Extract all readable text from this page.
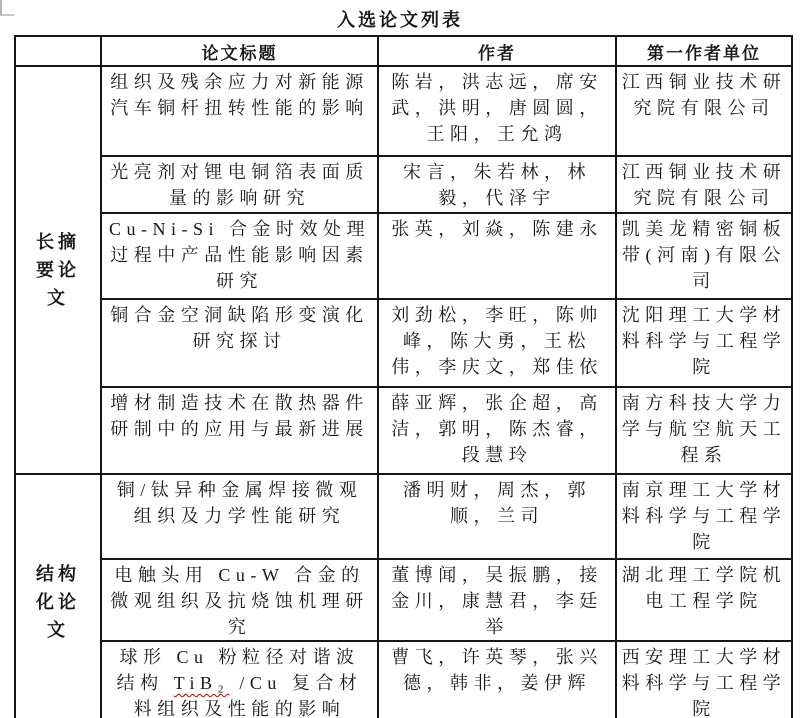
入选论文列表
	论文标题	作者	第一作者单位
长摘要论文	组织及残余应力对新能源汽车铜杆扭转性能的影响	陈岩，洪志远，席安武，洪明，唐圆圆，王阳，王允鸿	江西铜业技术研究院有限公司
	光亮剂对锂电铜箔表面质量的影响研究	宋言，朱若林，林毅，代泽宇	江西铜业技术研究院有限公司
	Cu-Ni-Si 合金时效处理过程中产品性能影响因素研究	张英，刘焱，陈建永	凯美龙精密铜板带(河南)有限公司
	铜合金空洞缺陷形变演化研究探讨	刘劲松，李旺，陈帅峰，陈大勇，王松伟，李庆文，郑佳依	沈阳理工大学材料科学与工程学院
	增材制造技术在散热器件研制中的应用与最新进展	薛亚辉，张企超，高洁，郭明，陈杰睿，段慧玲	南方科技大学力学与航空航天工程系
结构化论文	铜/钛异种金属焊接微观组织及力学性能研究	潘明财，周杰，郭顺，兰司	南京理工大学材料科学与工程学院
	电触头用 Cu-W 合金的微观组织及抗烧蚀机理研究	董博闻，吴振鹏，接金川，康慧君，李廷举	湖北理工学院机电工程学院
	球形 Cu 粉粒径对谐波结构 TiB₂ /Cu 复合材料组织及性能的影响	曹飞，许英琴，张兴德，韩非，姜伊辉	西安理工大学材料科学与工程学院
